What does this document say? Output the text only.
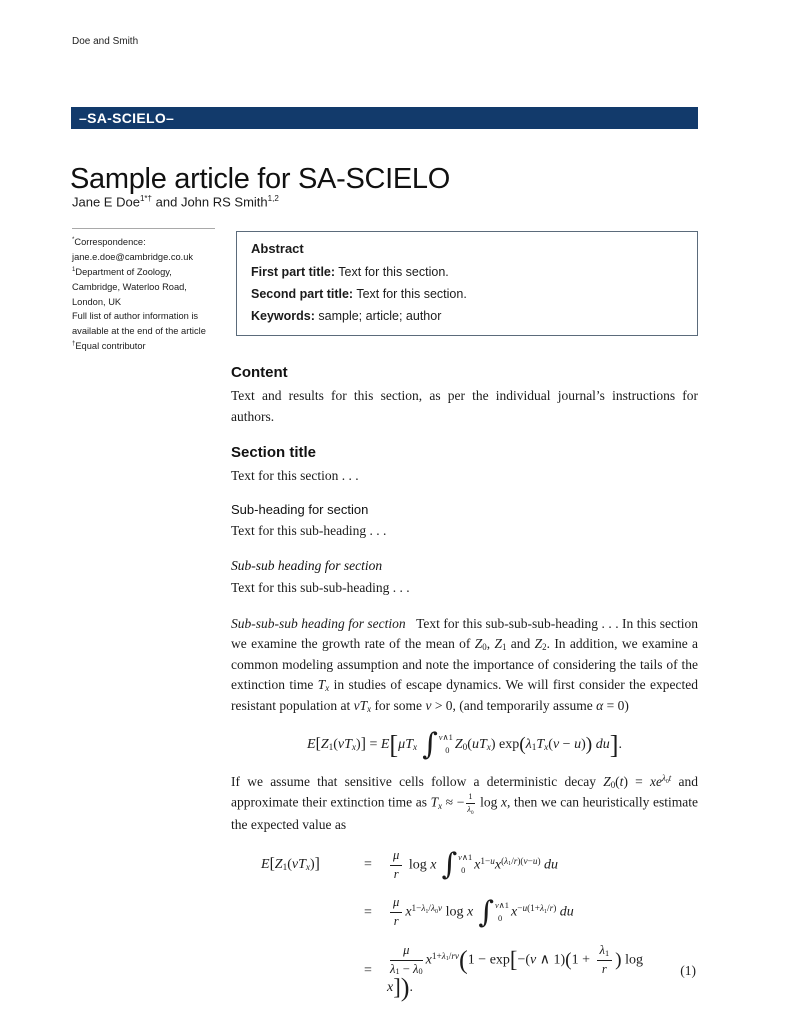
Doe and Smith
–SA-SCIELO–
Sample article for SA-SCIELO
Jane E Doe$^{1*\dagger}$ and John RS Smith$^{1,2}$
*Correspondence:
jane.e.doe@cambridge.co.uk
$^1$Department of Zoology,
Cambridge, Waterloo Road,
London, UK
Full list of author information is
available at the end of the article
†Equal contributor
Abstract
First part title: Text for this section.
Second part title: Text for this section.
Keywords: sample; article; author
Content

Text and results for this section, as per the individual journal’s instructions for authors.

Section title

Text for this section . . .

Sub-heading for section

Text for this sub-heading . . .

Sub-sub heading for section

Text for this sub-sub-heading . . .

Sub-sub-sub heading for section   Text for this sub-sub-sub-heading . . . In this section we examine the growth rate of the mean of $Z_0$, $Z_1$ and $Z_2$. In addition, we examine a common modeling assumption and note the importance of considering the tails of the extinction time $T_x$ in studies of escape dynamics. We will first consider the expected resistant population at $vT_x$ for some v > 0, (and temporarily assume α = 0)

$E[Z_1(vT_x)] = E[\mu T_x$ ∫ v∧1
0 $Z_0(uT_x) \exp(\lambda_1T_x(v - u))$ du].

If we assume that sensitive cells follow a deterministic decay $Z_0(t) = xe^{\lambda_0t}$ and approximate their extinction time as $T_x$ ≈ − $\frac{1}{\lambda_0}$ log x, then we can heuristically estimate the expected value as

$E[Z_1(vT_x)]$	=	$\frac{\mu}{r}$ log x ∫ v∧1
0 $x^{1-u}x^{(\lambda_1/r)(v-u)}$ du
=	$\frac{\mu}{r} x^{1-\lambda_1/\lambda_0v}$ log x ∫ v∧1
0 $x^{-u(1+\lambda_1/r)}$ du
=	$\frac{\mu}{\lambda_1 - \lambda_0} x^{1+\lambda_1/rv}(1 - \exp[-(v$ ∧ $1)(1 + \frac{\lambda_1}{r}$ ) log x]).
(1)
